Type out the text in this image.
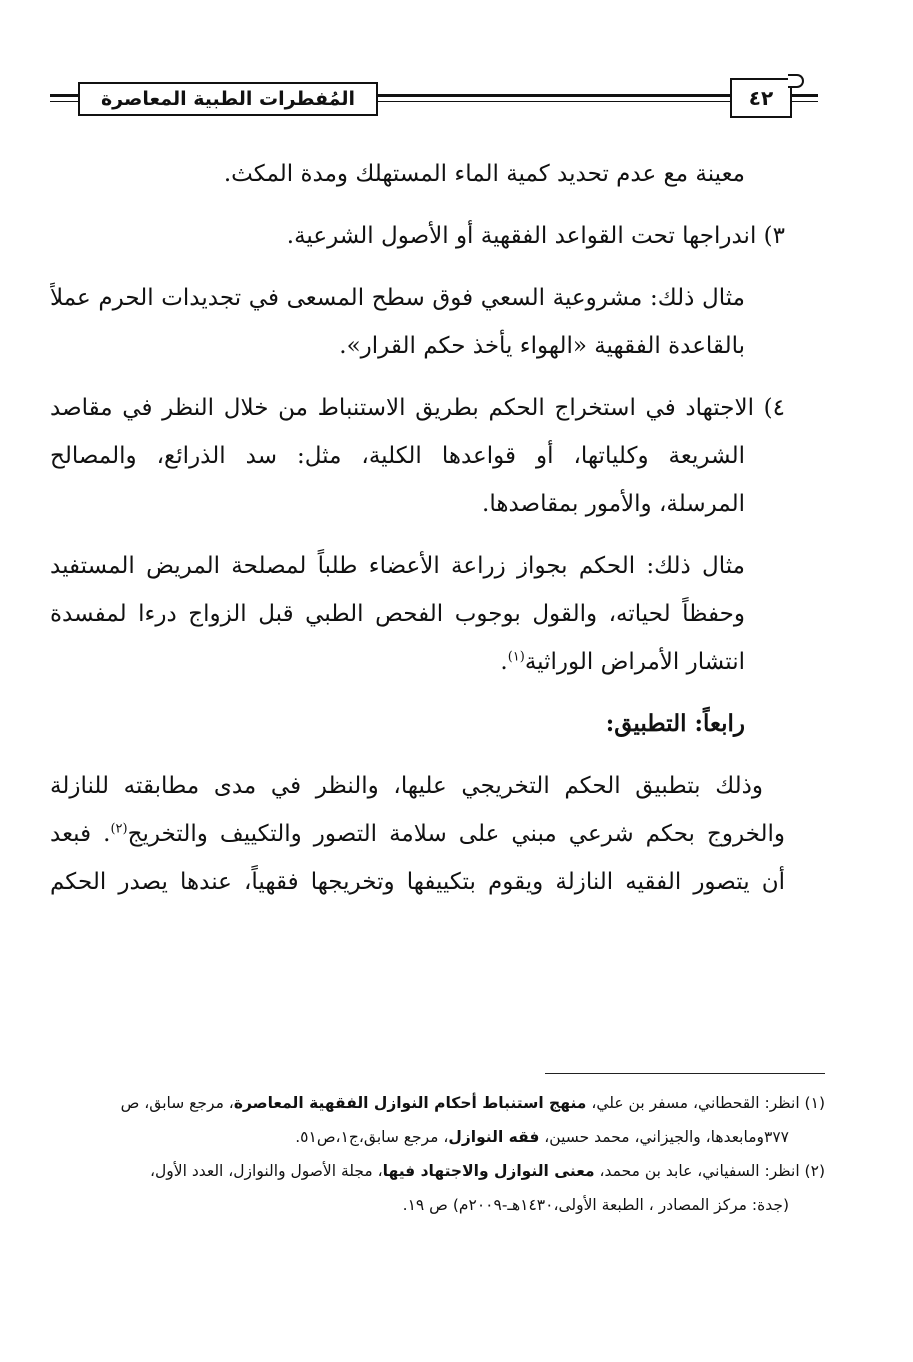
المُفطرات الطبية المعاصرة	٤٢
معينة مع عدم تحديد كمية الماء المستهلك ومدة المكث.
٣) اندراجها تحت القواعد الفقهية أو الأصول الشرعية.
مثال ذلك: مشروعية السعي فوق سطح المسعى في تجديدات الحرم عملاً
بالقاعدة الفقهية «الهواء يأخذ حكم القرار».
٤) الاجتهاد في استخراج الحكم بطريق الاستنباط من خلال النظر في مقاصد
الشريعة وكلياتها، أو قواعدها الكلية، مثل: سد الذرائع، والمصالح
المرسلة، والأمور بمقاصدها.
مثال ذلك: الحكم بجواز زراعة الأعضاء طلباً لمصلحة المريض المستفيد
وحفظاً لحياته، والقول بوجوب الفحص الطبي قبل الزواج درءا لمفسدة
انتشار الأمراض الوراثية$^{(١)}$.
رابعاً: التطبيق:
وذلك بتطبيق الحكم التخريجي عليها، والنظر في مدى مطابقته للنازلة
والخروج بحكم شرعي مبني على سلامة التصور والتكييف والتخريج$^{(٢)}$. فبعد
أن يتصور الفقيه النازلة ويقوم بتكييفها وتخريجها فقهياً، عندها يصدر الحكم
(١) انظر: القحطاني، مسفر بن علي، منهج استنباط أحكام النوازل الفقهية المعاصرة، مرجع سابق، ص
٣٧٧ومابعدها، والجيزاني، محمد حسين، فقه النوازل، مرجع سابق،ج١،ص٥١.
(٢) انظر: السفياني، عابد بن محمد، معنى النوازل والاجتهاد فيها، مجلة الأصول والنوازل، العدد الأول،
(جدة: مركز المصادر ، الطبعة الأولى،١٤٣٠هـ-٢٠٠٩م) ص ١٩.
